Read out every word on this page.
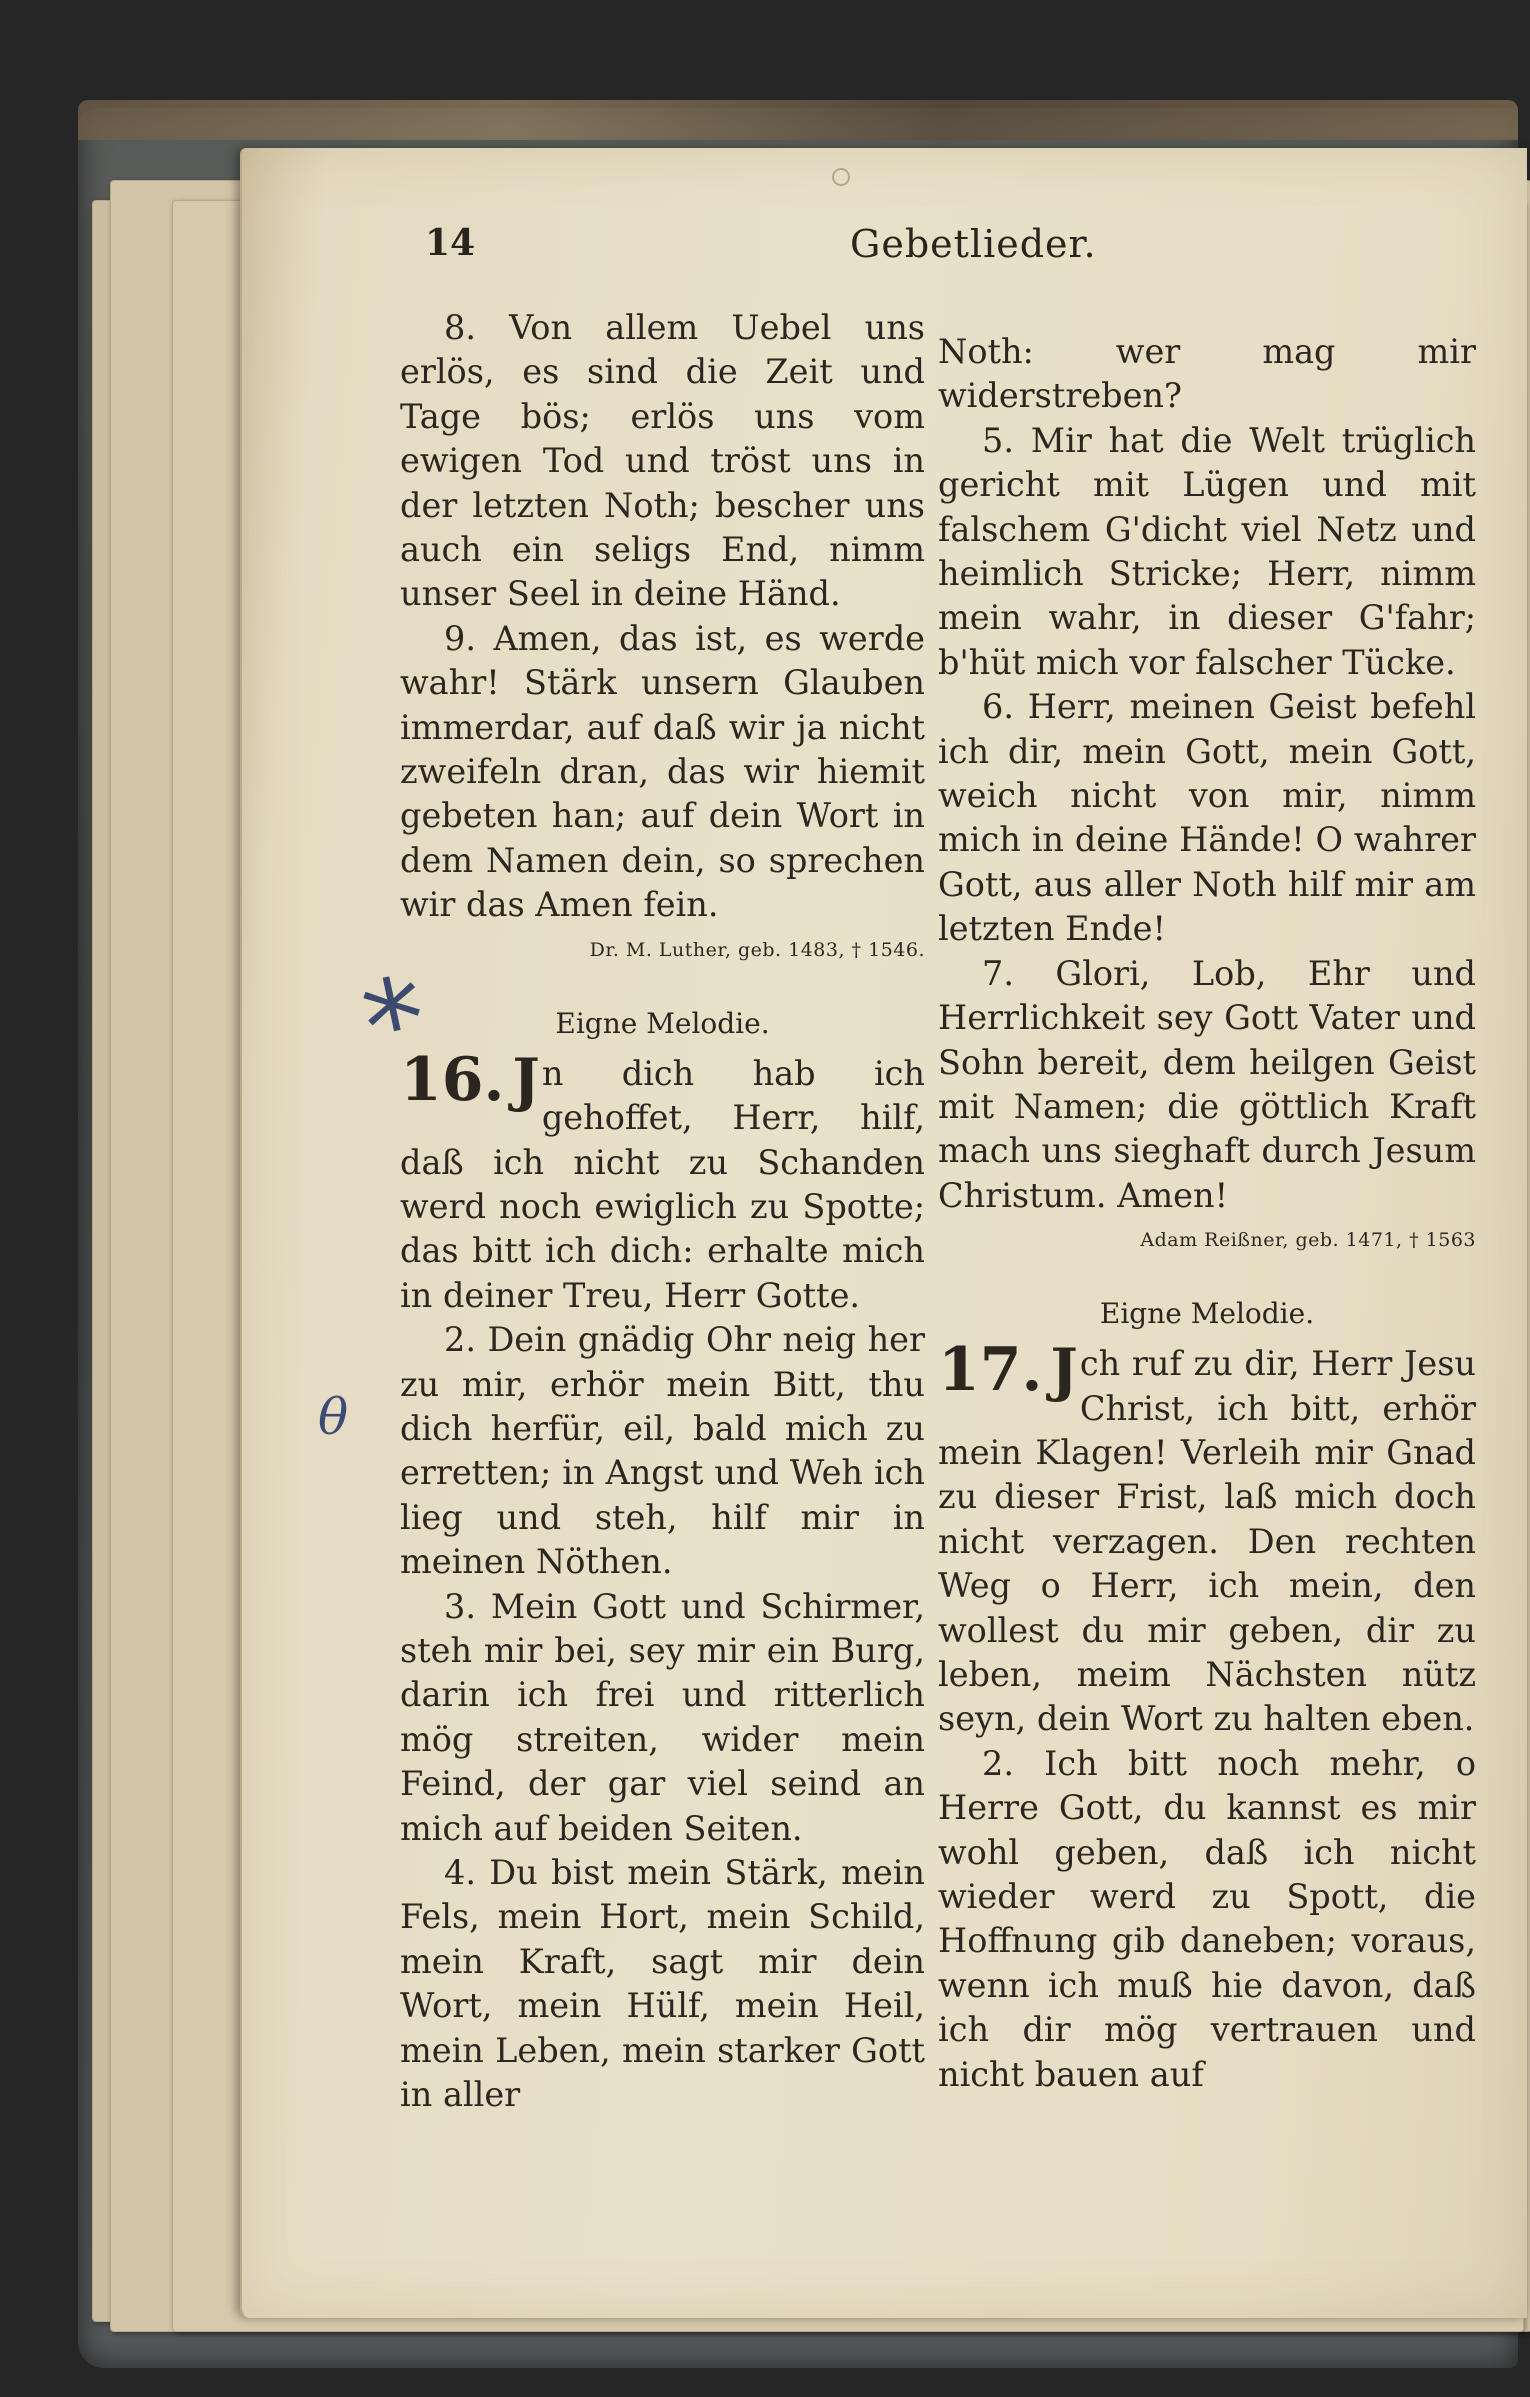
14	Gebetlieder.

8. Von allem Uebel uns erlös, es sind die Zeit und Tage bös; erlös uns vom ewigen Tod und tröst uns in der letzten Noth; bescher uns auch ein seligs End, nimm unser Seel in deine Händ.

9. Amen, das ist, es werde wahr! Stärk unsern Glauben immerdar, auf daß wir ja nicht zweifeln dran, das wir hiemit gebeten han; auf dein Wort in dem Namen dein, so sprechen wir das Amen fein.

Dr. M. Luther, geb. 1483, † 1546.

Eigne Melodie.

16. J n dich hab ich gehoffet, Herr, hilf, daß ich nicht zu Schanden werd noch ewiglich zu Spotte; das bitt ich dich: erhalte mich in deiner Treu, Herr Gotte.

2. Dein gnädig Ohr neig her zu mir, erhör mein Bitt, thu dich herfür, eil, bald mich zu erretten; in Angst und Weh ich lieg und steh, hilf mir in meinen Nöthen.

3. Mein Gott und Schirmer, steh mir bei, sey mir ein Burg, darin ich frei und ritterlich mög streiten, wider mein Feind, der gar viel seind an mich auf beiden Seiten.

4. Du bist mein Stärk, mein Fels, mein Hort, mein Schild, mein Kraft, sagt mir dein Wort, mein Hülf, mein Heil, mein Leben, mein starker Gott in aller

Noth: wer mag mir widerstreben?

5. Mir hat die Welt trüglich gericht mit Lügen und mit falschem G'dicht viel Netz und heimlich Stricke; Herr, nimm mein wahr, in dieser G'fahr; b'hüt mich vor falscher Tücke.

6. Herr, meinen Geist befehl ich dir, mein Gott, mein Gott, weich nicht von mir, nimm mich in deine Hände! O wahrer Gott, aus aller Noth hilf mir am letzten Ende!

7. Glori, Lob, Ehr und Herrlichkeit sey Gott Vater und Sohn bereit, dem heilgen Geist mit Namen; die göttlich Kraft mach uns sieghaft durch Jesum Christum. Amen!

Adam Reißner, geb. 1471, † 1563

Eigne Melodie.

17. J ch ruf zu dir, Herr Jesu Christ, ich bitt, erhör mein Klagen! Verleih mir Gnad zu dieser Frist, laß mich doch nicht verzagen. Den rechten Weg o Herr, ich mein, den wollest du mir geben, dir zu leben, meim Nächsten nütz seyn, dein Wort zu halten eben.

2. Ich bitt noch mehr, o Herre Gott, du kannst es mir wohl geben, daß ich nicht wieder werd zu Spott, die Hoffnung gib daneben; voraus, wenn ich muß hie davon, daß ich dir mög vertrauen und nicht bauen auf

*
θ
